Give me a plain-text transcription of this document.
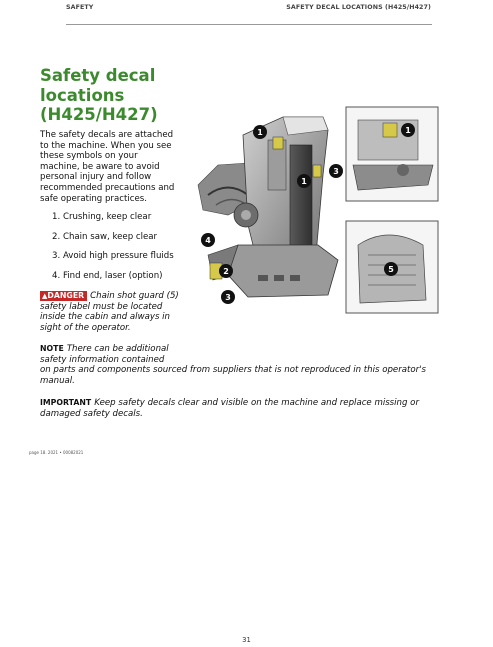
SAFETY	SAFETY DECAL LOCATIONS (H425/H427)
Safety decal
locations
(H425/H427)

The safety decals are attached
to the machine. When you see
these symbols on your
machine, be aware to avoid
personal injury and follow
recommended precautions and
safe operating practices.

1. Crushing, keep clear
2. Chain saw, keep clear
3. Avoid high pressure fluids
4. Find end, laser (option)
▲DANGER Chain shot guard (5)
safety label must be located
inside the cabin and always in
sight of the operator.
NOTE There can be additional
safety information contained
on parts and components sourced from suppliers that is not reproduced in this operator's
manual.
IMPORTANT Keep safety decals clear and visible on the machine and replace missing or
damaged safety decals.
1
1
3
4
2
3
1
5
page 18. 2021 • 00082021
31
